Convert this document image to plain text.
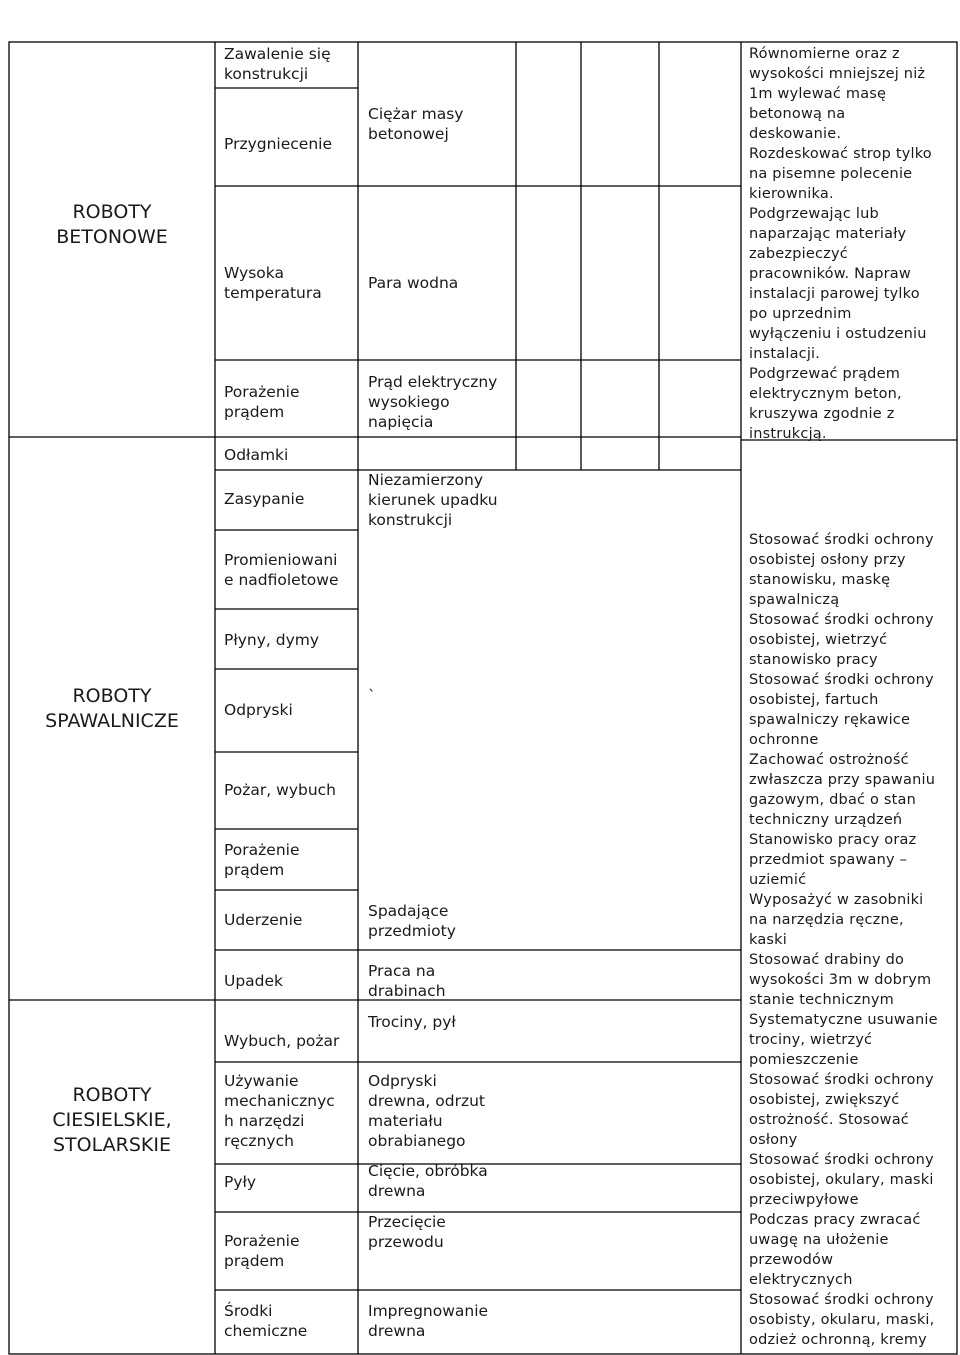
ROBOTY
BETONOWE
ROBOTY
SPAWALNICZE
ROBOTY
CIESIELSKIE,
STOLARSKIE
Zawalenie się
konstrukcji
Przygniecenie
Wysoka
temperatura
Porażenie
prądem
Odłamki
Zasypanie
Promieniowani
e nadfioletowe
Płyny, dymy
Odpryski
Pożar, wybuch
Porażenie
prądem
Uderzenie
Upadek
Wybuch, pożar
Używanie
mechanicznyc
h narzędzi
ręcznych
Pyły
Porażenie
prądem
Środki
chemiczne
Ciężar masy
betonowej
Para wodna
Prąd elektryczny
wysokiego
napięcia
Niezamierzony
kierunek upadku
konstrukcji
`
Spadające
przedmioty
Praca na
drabinach
Trociny, pył
Odpryski
drewna, odrzut
materiału
obrabianego
Cięcie, obróbka
drewna
Przecięcie
przewodu
Impregnowanie
drewna
Równomierne oraz z
wysokości mniejszej niż
1m wylewać masę
betonową na
deskowanie.
Rozdeskować strop tylko
na pisemne polecenie
kierownika.
Podgrzewając lub
naparzając materiały
zabezpieczyć
pracowników. Napraw
instalacji parowej tylko
po uprzednim
wyłączeniu i ostudzeniu
instalacji.
Podgrzewać prądem
elektrycznym beton,
kruszywa zgodnie z
instrukcją.
Stosować środki ochrony
osobistej osłony przy
stanowisku, maskę
spawalniczą
Stosować środki ochrony
osobistej, wietrzyć
stanowisko pracy
Stosować środki ochrony
osobistej, fartuch
spawalniczy rękawice
ochronne
Zachować ostrożność
zwłaszcza przy spawaniu
gazowym, dbać o stan
techniczny urządzeń
Stanowisko pracy oraz
przedmiot spawany –
uziemić
Wyposażyć w zasobniki
na narzędzia ręczne,
kaski
Stosować drabiny do
wysokości 3m w dobrym
stanie technicznym
Systematyczne usuwanie
trociny, wietrzyć
pomieszczenie
Stosować środki ochrony
osobistej, zwiększyć
ostrożność. Stosować
osłony
Stosować środki ochrony
osobistej, okulary, maski
przeciwpyłowe
Podczas pracy zwracać
uwagę na ułożenie
przewodów
elektrycznych
Stosować środki ochrony
osobisty, okularu, maski,
odzież ochronną, kremy
